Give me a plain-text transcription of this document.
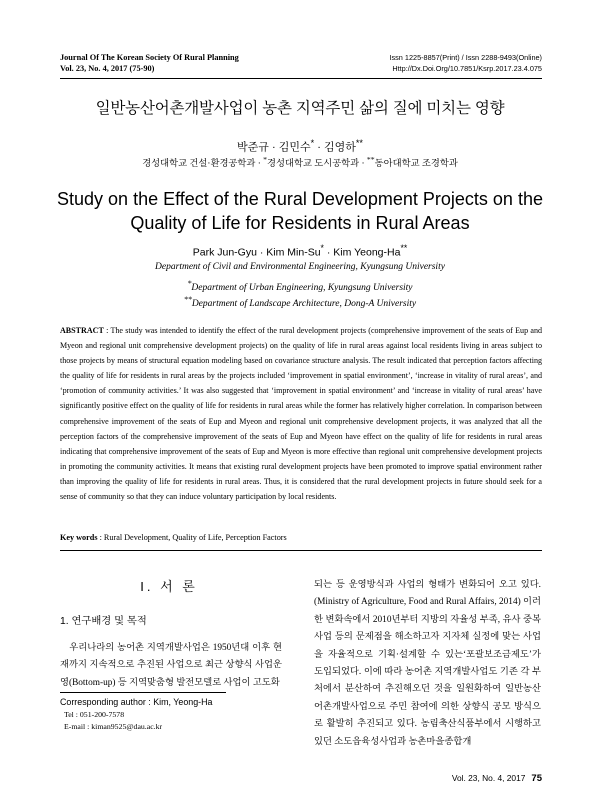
Journal Of The Korean Society Of Rural Planning
Vol. 23, No. 4, 2017 (75-90)
Issn 1225-8857(Print) / Issn 2288-9493(Online)
Http://Dx.Doi.Org/10.7851/Ksrp.2017.23.4.075
일반농산어촌개발사업이 농촌 지역주민 삶의 질에 미치는 영향
박준규 · 김민수* · 김영하**
경성대학교 건설·환경공학과 · *경성대학교 도시공학과 · **동아대학교 조경학과
Study on the Effect of the Rural Development Projects on the Quality of Life for Residents in Rural Areas
Park Jun-Gyu · Kim Min-Su* · Kim Yeong-Ha**
Department of Civil and Environmental Engineering, Kyungsung University
*Department of Urban Engineering, Kyungsung University
**Department of Landscape Architecture, Dong-A University
ABSTRACT : The study was intended to identify the effect of the rural development projects (comprehensive improvement of the seats of Eup and Myeon and regional unit comprehensive development projects) on the quality of life in rural areas against local residents living in areas subject to those projects by means of structural equation modeling based on covariance structure analysis. The result indicated that perception factors affecting the quality of life for residents in rural areas by the projects included ‘improvement in spatial environment’, ‘increase in vitality of rural areas’, and ‘promotion of community activities.’ It was also suggested that ‘improvement in spatial environment’ and ‘increase in vitality of rural areas’ have significantly positive effect on the quality of life for residents in rural areas while the former has relatively higher correlation. In comparison between comprehensive improvement of the seats of Eup and Myeon and regional unit comprehensive development projects, it was analyzed that all the perception factors of the comprehensive improvement of the seats of Eup and Myeon have effect on the quality of life for residents in rural areas indicating that comprehensive improvement of the seats of Eup and Myeon is more effective than regional unit comprehensive development projects in promoting the community activities. It means that existing rural development projects have been promoted to improve spatial environment rather than improving the quality of life for residents in rural areas. Thus, it is considered that the rural development projects in future should seek for a sense of community so that they can induce voluntary participation by local residents.
Key words : Rural Development, Quality of Life, Perception Factors
I. 서 론
1. 연구배경 및 목적

우리나라의 농어촌 지역개발사업은 1950년대 이후 현재까지 지속적으로 추진된 사업으로 최근 상향식 사업운영(Bottom-up) 등 지역맞춤형 발전모델로 사업이 고도화

Corresponding author : Kim, Yeong-Ha
Tel : 051-200-7578
E-mail : kiman9525@dau.ac.kr

되는 등 운영방식과 사업의 형태가 변화되어 오고 있다.(Ministry of Agriculture, Food and Rural Affairs, 2014) 이러한 변화속에서 2010년부터 지방의 자율성 부족, 유사 중복사업 등의 문제점을 해소하고자 지자체 실정에 맞는 사업을 자율적으로 기획·설계할 수 있는‘포괄보조금제도’가 도입되었다. 이에 따라 농어촌 지역개발사업도 기존 각 부처에서 분산하여 추진해오던 것을 일원화하여 일반농산어촌개발사업으로 주민 참여에 의한 상향식 공모 방식으로 활발히 추진되고 있다. 농림축산식품부에서 시행하고 있던 소도읍육성사업과 농촌마을종합개

Vol. 23, No. 4, 2017 75
